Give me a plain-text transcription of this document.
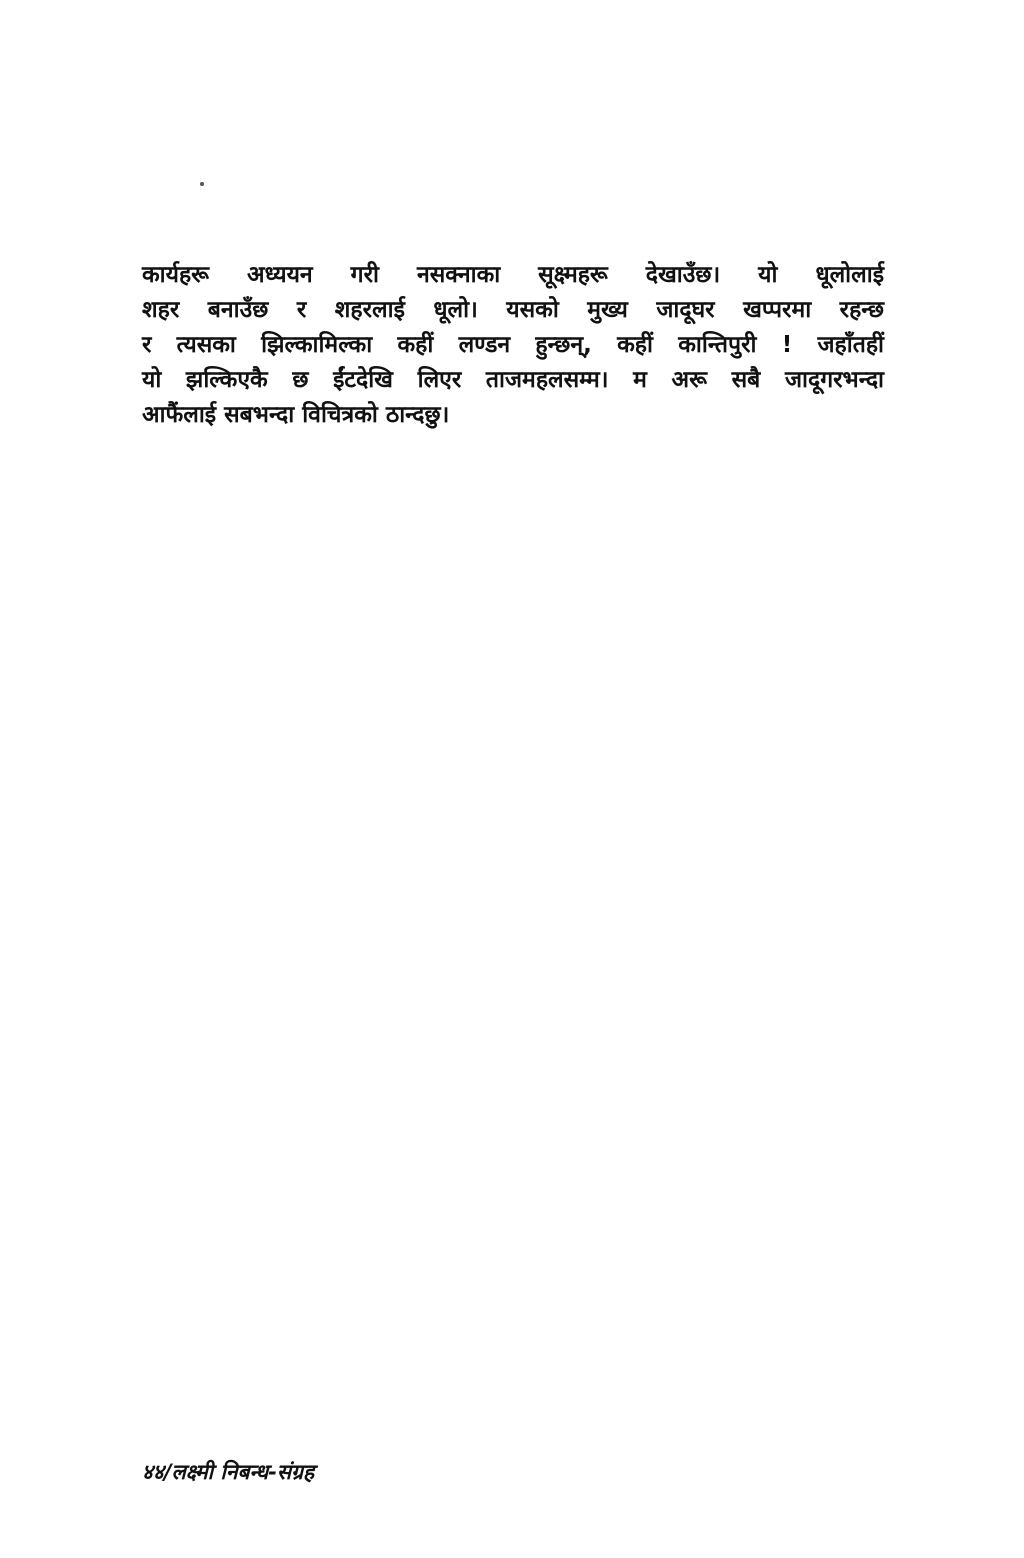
कार्यहरू अध्ययन गरी नसक्नाका सूक्ष्महरू देखाउँछ। यो धूलोलाई
शहर बनाउँछ र शहरलाई धूलो। यसको मुख्य जादूघर खप्परमा रहन्छ
र त्यसका झिल्कामिल्का कहीं लण्डन हुन्छन्, कहीं कान्तिपुरी ! जहाँतहीं
यो झल्किएकै छ ईंटदेखि लिएर ताजमहलसम्म। म अरू सबै जादूगरभन्दा
आफैंलाई सबभन्दा विचित्रको ठान्दछु।
४४/लक्ष्मी निबन्ध-संग्रह
